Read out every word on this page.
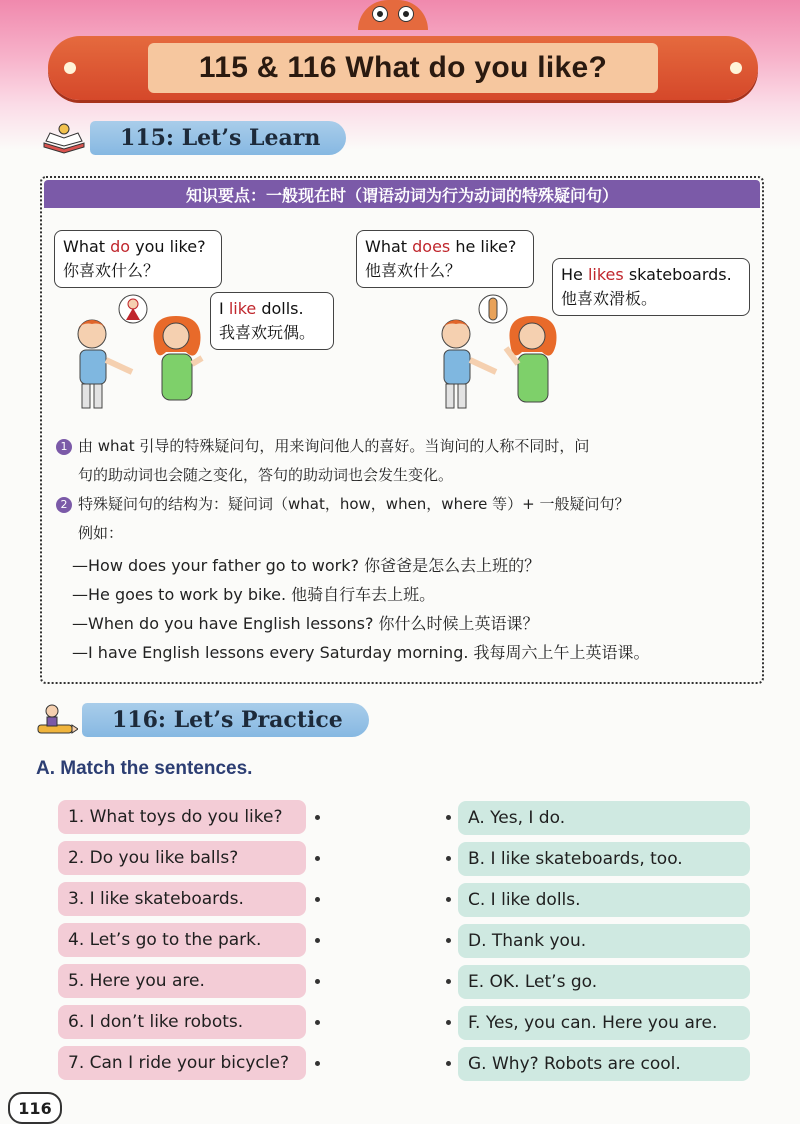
115 & 116 What do you like?
115: Let’s Learn
知识要点：一般现在时（谓语动词为行为动词的特殊疑问句）
What do you like?
你喜欢什么？
I like dolls.
我喜欢玩偶。
What does he like?
他喜欢什么？	He likes skateboards.
他喜欢滑板。
1 由 what 引导的特殊疑问句，用来询问他人的喜好。当询问的人称不同时，问
句的助动词也会随之变化，答句的助动词也会发生变化。
2 特殊疑问句的结构为：疑问词（what，how，when，where 等）+ 一般疑问句？
例如：
—How does your father go to work? 你爸爸是怎么去上班的？
—He goes to work by bike. 他骑自行车去上班。
—When do you have English lessons? 你什么时候上英语课？
—I have English lessons every Saturday morning. 我每周六上午上英语课。
116: Let’s Practice
A. Match the sentences.
1. What toys do you like?
2. Do you like balls?
3. I like skateboards.
4. Let’s go to the park.
5. Here you are.
6. I don’t like robots.
7. Can I ride your bicycle?
A. Yes, I do.
B. I like skateboards, too.
C. I like dolls.
D. Thank you.
E. OK. Let’s go.
F. Yes, you can. Here you are.
G. Why? Robots are cool.
116
